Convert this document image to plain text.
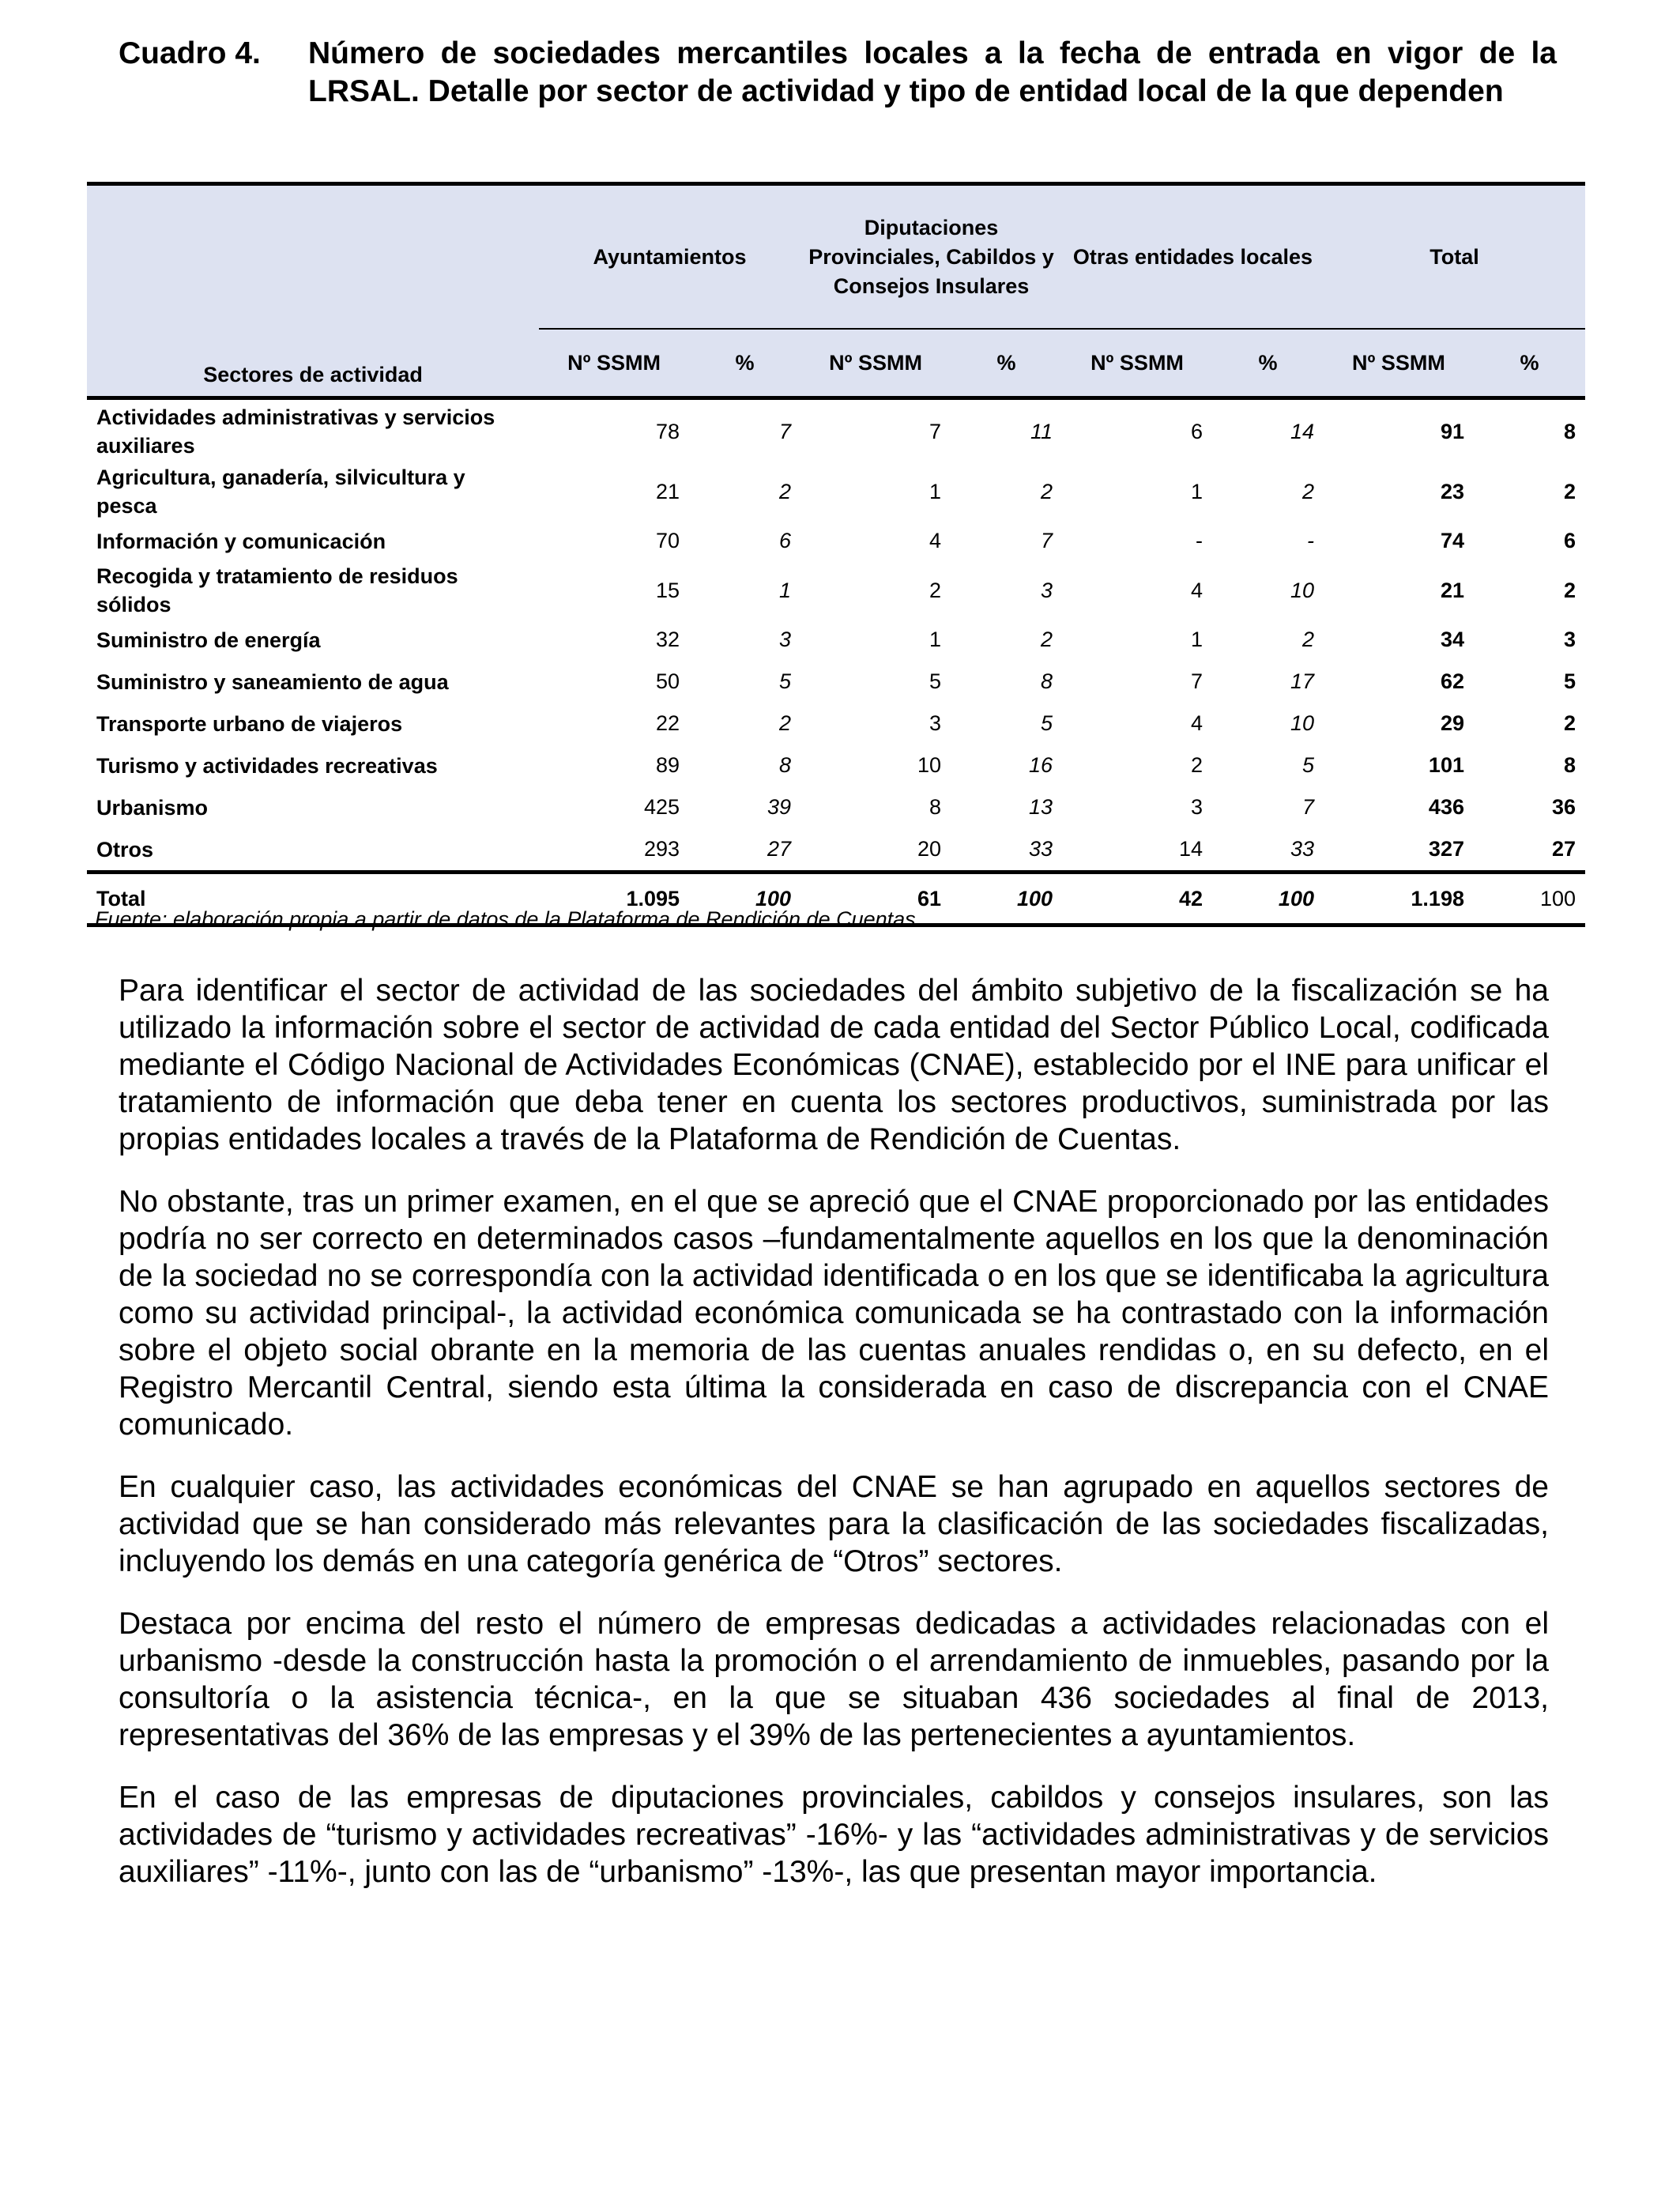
Cuadro 4.	Número de sociedades mercantiles locales a la fecha de entrada en vigor de la LRSAL. Detalle por sector de actividad y tipo de entidad local de la que dependen
Sectores de actividad	Ayuntamientos		Diputaciones Provinciales, Cabildos y Consejos Insulares		Otras entidades locales		Total	
	Nº SSMM	%	Nº SSMM	%	Nº SSMM	%	Nº SSMM	%
Actividades administrativas y servicios auxiliares	78	7	7	11	6	14	91	8
Agricultura, ganadería, silvicultura y pesca	21	2	1	2	1	2	23	2
Información y comunicación	70	6	4	7	-	-	74	6
Recogida y tratamiento de residuos sólidos	15	1	2	3	4	10	21	2
Suministro de energía	32	3	1	2	1	2	34	3
Suministro y saneamiento de agua	50	5	5	8	7	17	62	5
Transporte urbano de viajeros	22	2	3	5	4	10	29	2
Turismo y actividades recreativas	89	8	10	16	2	5	101	8
Urbanismo	425	39	8	13	3	7	436	36
Otros	293	27	20	33	14	33	327	27
Total	1.095	100	61	100	42	100	1.198	100
Fuente: elaboración propia a partir de datos de la Plataforma de Rendición de Cuentas.

Para identificar el sector de actividad de las sociedades del ámbito subjetivo de la fiscalización se ha utilizado la información sobre el sector de actividad de cada entidad del Sector Público Local, codificada mediante el Código Nacional de Actividades Económicas (CNAE), establecido por el INE para unificar el tratamiento de información que deba tener en cuenta los sectores productivos, suministrada por las propias entidades locales a través de la Plataforma de Rendición de Cuentas.

No obstante, tras un primer examen, en el que se apreció que el CNAE proporcionado por las entidades podría no ser correcto en determinados casos –fundamentalmente aquellos en los que la denominación de la sociedad no se correspondía con la actividad identificada o en los que se identificaba la agricultura como su actividad principal-, la actividad económica comunicada se ha contrastado con la información sobre el objeto social obrante en la memoria de las cuentas anuales rendidas o, en su defecto, en el Registro Mercantil Central, siendo esta última la considerada en caso de discrepancia con el CNAE comunicado.

En cualquier caso, las actividades económicas del CNAE se han agrupado en aquellos sectores de actividad que se han considerado más relevantes para la clasificación de las sociedades fiscalizadas, incluyendo los demás en una categoría genérica de “Otros” sectores.

Destaca por encima del resto el número de empresas dedicadas a actividades relacionadas con el urbanismo -desde la construcción hasta la promoción o el arrendamiento de inmuebles, pasando por la consultoría o la asistencia técnica-, en la que se situaban 436 sociedades al final de 2013, representativas del 36% de las empresas y el 39% de las pertenecientes a ayuntamientos.

En el caso de las empresas de diputaciones provinciales, cabildos y consejos insulares, son las actividades de “turismo y actividades recreativas” -16%- y las “actividades administrativas y de servicios auxiliares” -11%-, junto con las de “urbanismo” -13%-, las que presentan mayor importancia.
